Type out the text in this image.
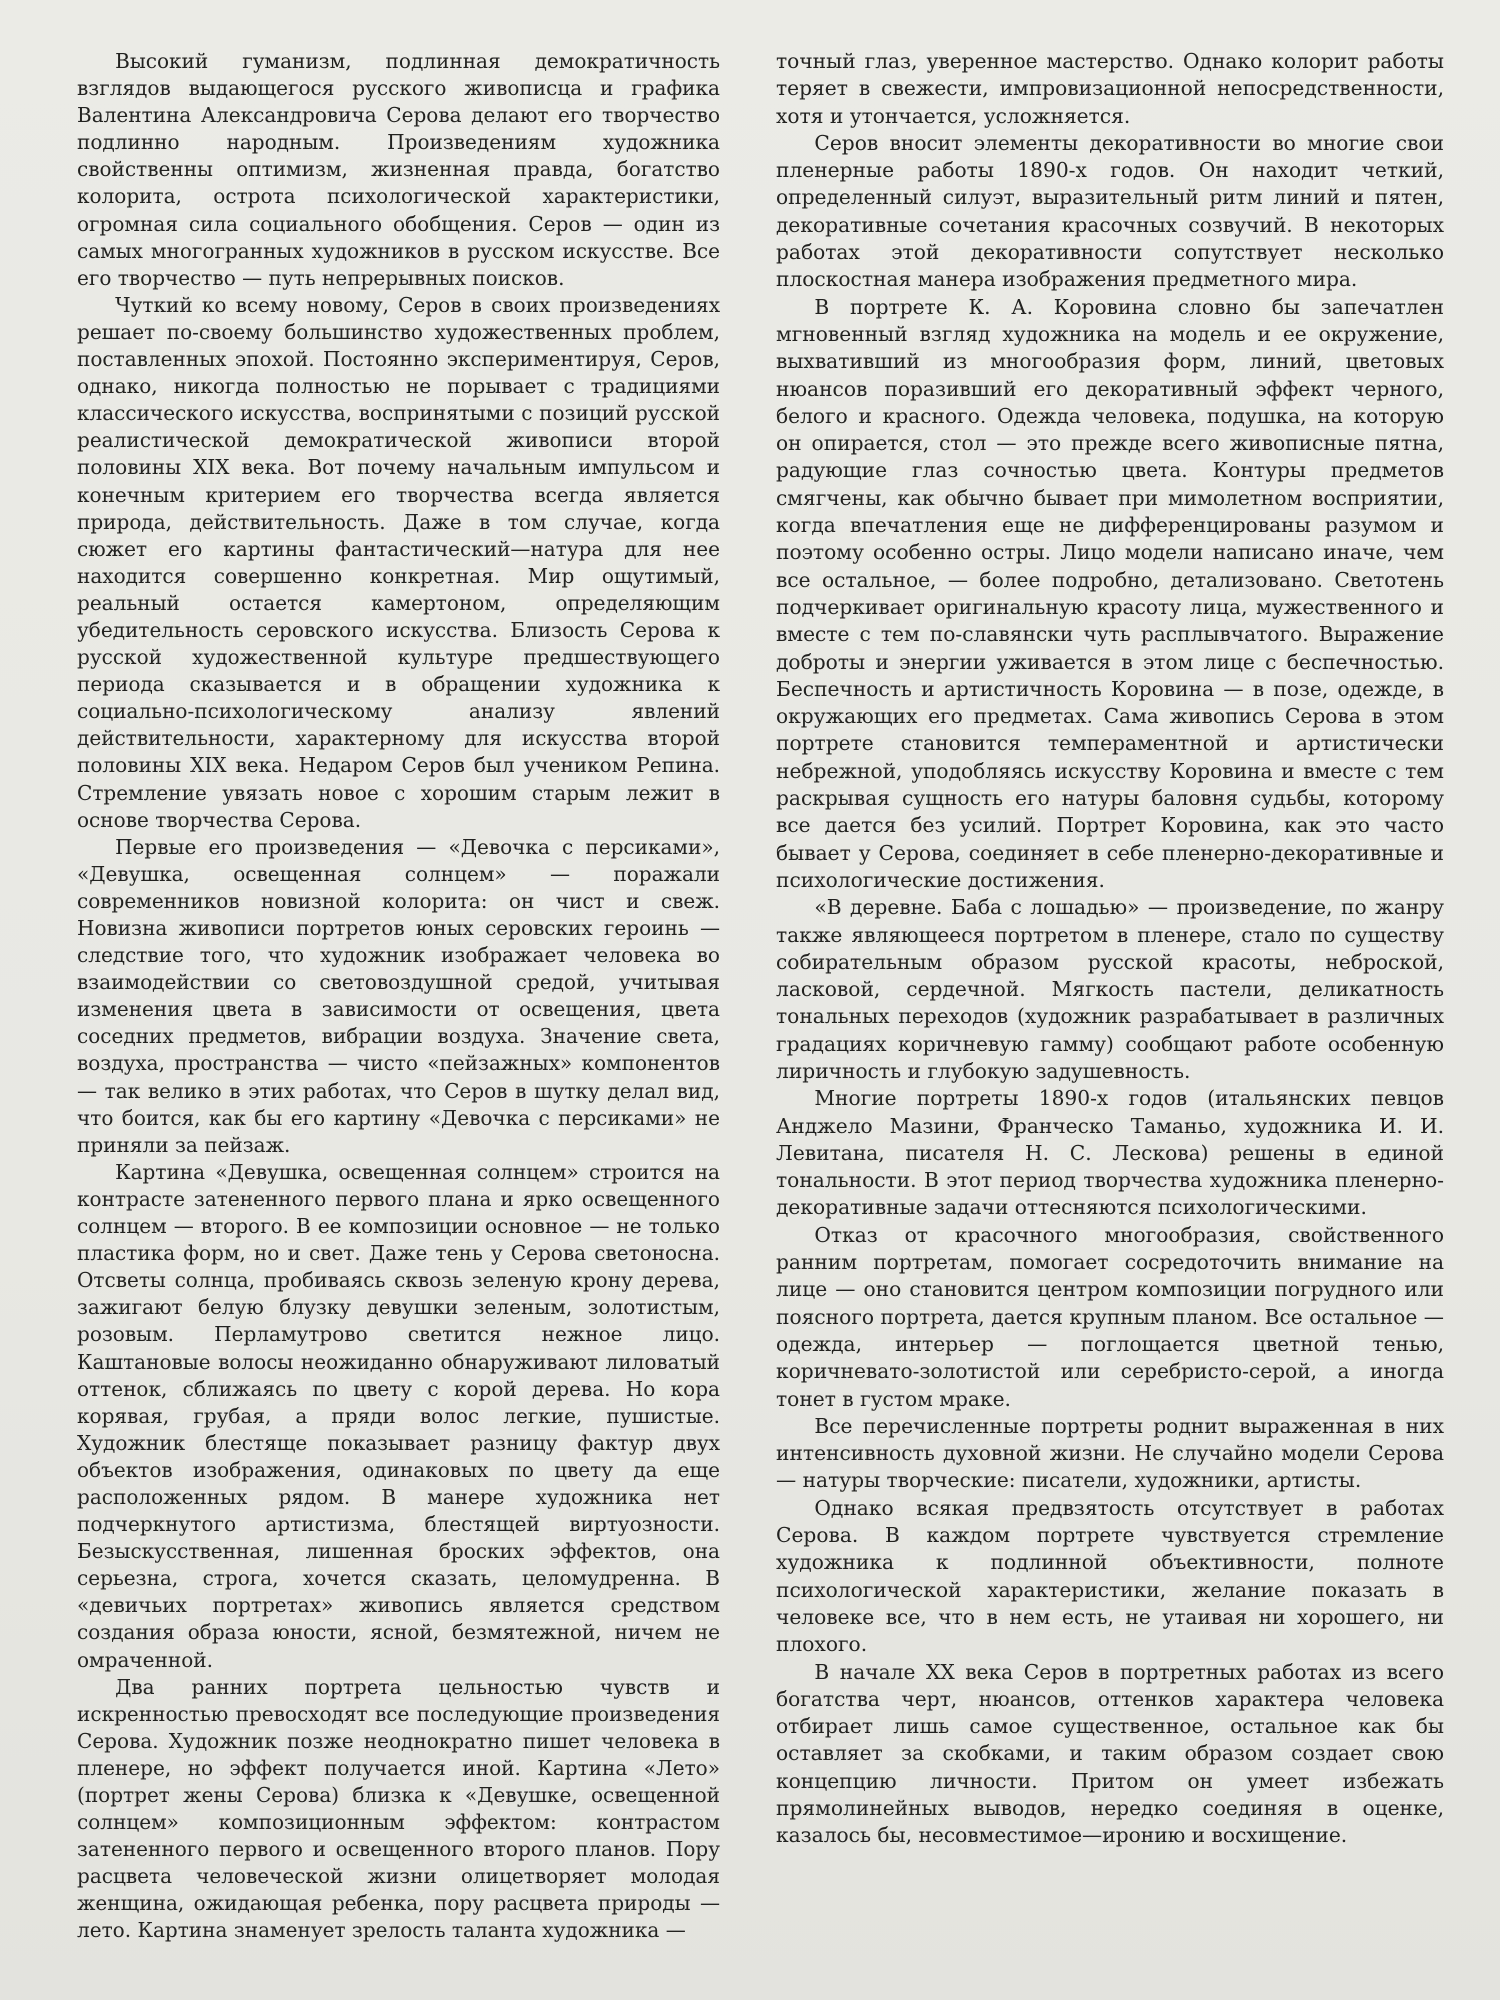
Высокий гуманизм, подлинная демократичность взглядов выдающегося русского живописца и графика Валентина Александровича Серова делают его творчество подлинно народным. Произведениям художника свойственны оптимизм, жизненная правда, богатство колорита, острота психологической характеристики, огромная сила социального обобщения. Серов — один из самых многогранных художников в русском искусстве. Все его творчество — путь непрерывных поисков.

Чуткий ко всему новому, Серов в своих произведениях решает по-своему большинство художественных проблем, поставленных эпохой. Постоянно экспериментируя, Серов, однако, никогда полностью не порывает с традициями классического искусства, воспринятыми с позиций русской реалистической демократической живописи второй половины XIX века. Вот почему начальным импульсом и конечным критерием его творчества всегда является природа, действительность. Даже в том случае, когда сюжет его картины фантастический—натура для нее находится совершенно конкретная. Мир ощутимый, реальный остается камертоном, определяющим убедительность серовского искусства. Близость Серова к русской художественной культуре предшествующего периода сказывается и в обращении художника к социально-психологическому анализу явлений действительности, характерному для искусства второй половины XIX века. Недаром Серов был учеником Репина. Стремление увязать новое с хорошим старым лежит в основе творчества Серова.

Первые его произведения — «Девочка с персиками», «Девушка, освещенная солнцем» — поражали современников новизной колорита: он чист и свеж. Новизна живописи портретов юных серовских героинь — следствие того, что художник изображает человека во взаимодействии со световоздушной средой, учитывая изменения цвета в зависимости от освещения, цвета соседних предметов, вибрации воздуха. Значение света, воздуха, пространства — чисто «пейзажных» компонентов — так велико в этих работах, что Серов в шутку делал вид, что боится, как бы его картину «Девочка с персиками» не приняли за пейзаж.

Картина «Девушка, освещенная солнцем» строится на контрасте затененного первого плана и ярко освещенного солнцем — второго. В ее композиции основное — не только пластика форм, но и свет. Даже тень у Серова светоносна. Отсветы солнца, пробиваясь сквозь зеленую крону дерева, зажигают белую блузку девушки зеленым, золотистым, розовым. Перламутрово светится нежное лицо. Каштановые волосы неожиданно обнаруживают лиловатый оттенок, сближаясь по цвету с корой дерева. Но кора корявая, грубая, а пряди волос легкие, пушистые. Художник блестяще показывает разницу фактур двух объектов изображения, одинаковых по цвету да еще расположенных рядом. В манере художника нет подчеркнутого артистизма, блестящей виртуозности. Безыскусственная, лишенная броских эффектов, она серьезна, строга, хочется сказать, целомудренна. В «девичьих портретах» живопись является средством создания образа юности, ясной, безмятежной, ничем не омраченной.

Два ранних портрета цельностью чувств и искренностью превосходят все последующие произведения Серова. Художник позже неоднократно пишет человека в пленере, но эффект получается иной. Картина «Лето» (портрет жены Серова) близка к «Девушке, освещенной солнцем» композиционным эффектом: контрастом затененного первого и освещенного второго планов. Пору расцвета человеческой жизни олицетворяет молодая женщина, ожидающая ребенка, пору расцвета природы — лето. Картина знаменует зрелость таланта художника —

точный глаз, уверенное мастерство. Однако колорит работы теряет в свежести, импровизационной непосредственности, хотя и утончается, усложняется.

Серов вносит элементы декоративности во многие свои пленерные работы 1890-х годов. Он находит четкий, определенный силуэт, выразительный ритм линий и пятен, декоративные сочетания красочных созвучий. В некоторых работах этой декоративности сопутствует несколько плоскостная манера изображения предметного мира.

В портрете К. А. Коровина словно бы запечатлен мгновенный взгляд художника на модель и ее окружение, выхвативший из многообразия форм, линий, цветовых нюансов поразивший его декоративный эффект черного, белого и красного. Одежда человека, подушка, на которую он опирается, стол — это прежде всего живописные пятна, радующие глаз сочностью цвета. Контуры предметов смягчены, как обычно бывает при мимолетном восприятии, когда впечатления еще не дифференцированы разумом и поэтому особенно остры. Лицо модели написано иначе, чем все остальное, — более подробно, детализовано. Светотень подчеркивает оригинальную красоту лица, мужественного и вместе с тем по-славянски чуть расплывчатого. Выражение доброты и энергии уживается в этом лице с беспечностью. Беспечность и артистичность Коровина — в позе, одежде, в окружающих его предметах. Сама живопись Серова в этом портрете становится темпераментной и артистически небрежной, уподобляясь искусству Коровина и вместе с тем раскрывая сущность его натуры баловня судьбы, которому все дается без усилий. Портрет Коровина, как это часто бывает у Серова, соединяет в себе пленерно-декоративные и психологические достижения.

«В деревне. Баба с лошадью» — произведение, по жанру также являющееся портретом в пленере, стало по существу собирательным образом русской красоты, неброской, ласковой, сердечной. Мягкость пастели, деликатность тональных переходов (художник разрабатывает в различных градациях коричневую гамму) сообщают работе особенную лиричность и глубокую задушевность.

Многие портреты 1890-х годов (итальянских певцов Анджело Мазини, Франческо Таманьо, художника И. И. Левитана, писателя Н. С. Лескова) решены в единой тональности. В этот период творчества художника пленерно-декоративные задачи оттесняются психологическими.

Отказ от красочного многообразия, свойственного ранним портретам, помогает сосредоточить внимание на лице — оно становится центром композиции погрудного или поясного портрета, дается крупным планом. Все остальное — одежда, интерьер — поглощается цветной тенью, коричневато-золотистой или серебристо-серой, а иногда тонет в густом мраке.

Все перечисленные портреты роднит выраженная в них интенсивность духовной жизни. Не случайно модели Серова— натуры творческие: писатели, художники, артисты.

Однако всякая предвзятость отсутствует в работах Серова. В каждом портрете чувствуется стремление художника к подлинной объективности, полноте психологической характеристики, желание показать в человеке все, что в нем есть, не утаивая ни хорошего, ни плохого.

В начале XX века Серов в портретных работах из всего богатства черт, нюансов, оттенков характера человека отбирает лишь самое существенное, остальное как бы оставляет за скобками, и таким образом создает свою концепцию личности. Притом он умеет избежать прямолинейных выводов, нередко соединяя в оценке, казалось бы, несовместимое—иронию и восхищение.
